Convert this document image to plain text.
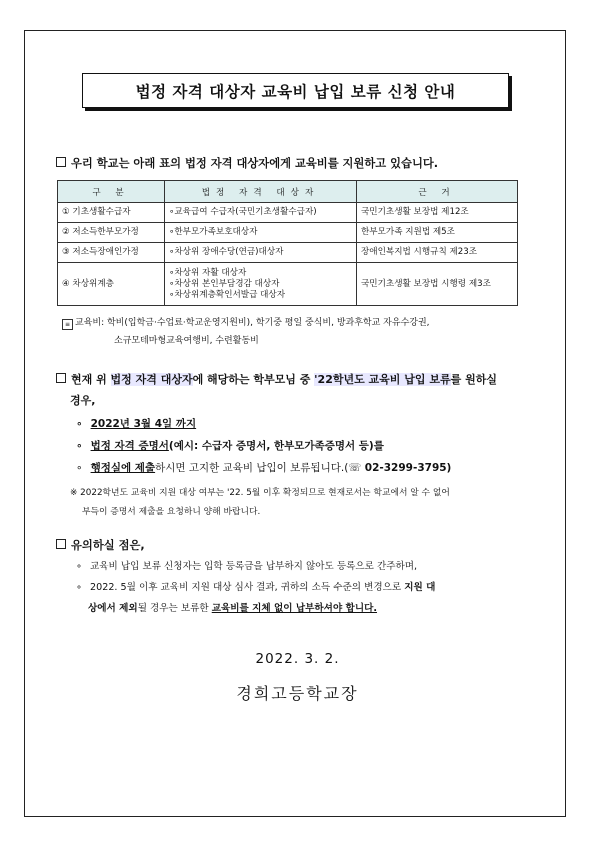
법정 자격 대상자 교육비 납입 보류 신청 안내
우리 학교는 아래 표의 법정 자격 대상자에게 교육비를 지원하고 있습니다.
구 분	법정 자격 대상자	근 거
① 기초생활수급자	∘교육급여 수급자(국민기초생활수급자)	국민기초생활 보장법 제12조
② 저소득한부모가정	∘한부모가족보호대상자	한부모가족 지원법 제5조
③ 저소득장애인가정	∘차상위 장애수당(연금)대상자	장애인복지법 시행규칙 제23조
④ 차상위계층	∘차상위 자활 대상자
∘차상위 본인부담경감 대상자
∘차상위계층확인서발급 대상자	국민기초생활 보장법 시행령 제3조
≡ 교육비: 학비(입학금·수업료·학교운영지원비), 학기중 평일 중식비, 방과후학교 자유수강권,
소규모테마형교육여행비, 수련활동비
현재 위 법정 자격 대상자에 해당하는 학부모님 중 '22학년도 교육비 납입 보류를 원하실
경우,
∘ 2022년 3월 4일 까지
∘ 법정 자격 증명서(예시: 수급자 증명서, 한부모가족증명서 등)를
∘ 행정실에 제출하시면 고지한 교육비 납입이 보류됩니다.(☏ 02-3299-3795)
※ 2022학년도 교육비 지원 대상 여부는 '22. 5월 이후 확정되므로 현재로서는 학교에서 알 수 없어
부득이 증명서 제출을 요청하니 양해 바랍니다.
유의하실 점은,
∘ 교육비 납입 보류 신청자는 입학 등록금을 납부하지 않아도 등록으로 간주하며,
∘ 2022. 5월 이후 교육비 지원 대상 심사 결과, 귀하의 소득 수준의 변경으로 지원 대
상에서 제외될 경우는 보류한 교육비를 지체 없이 납부하셔야 합니다.
2022. 3. 2.
경희고등학교장
